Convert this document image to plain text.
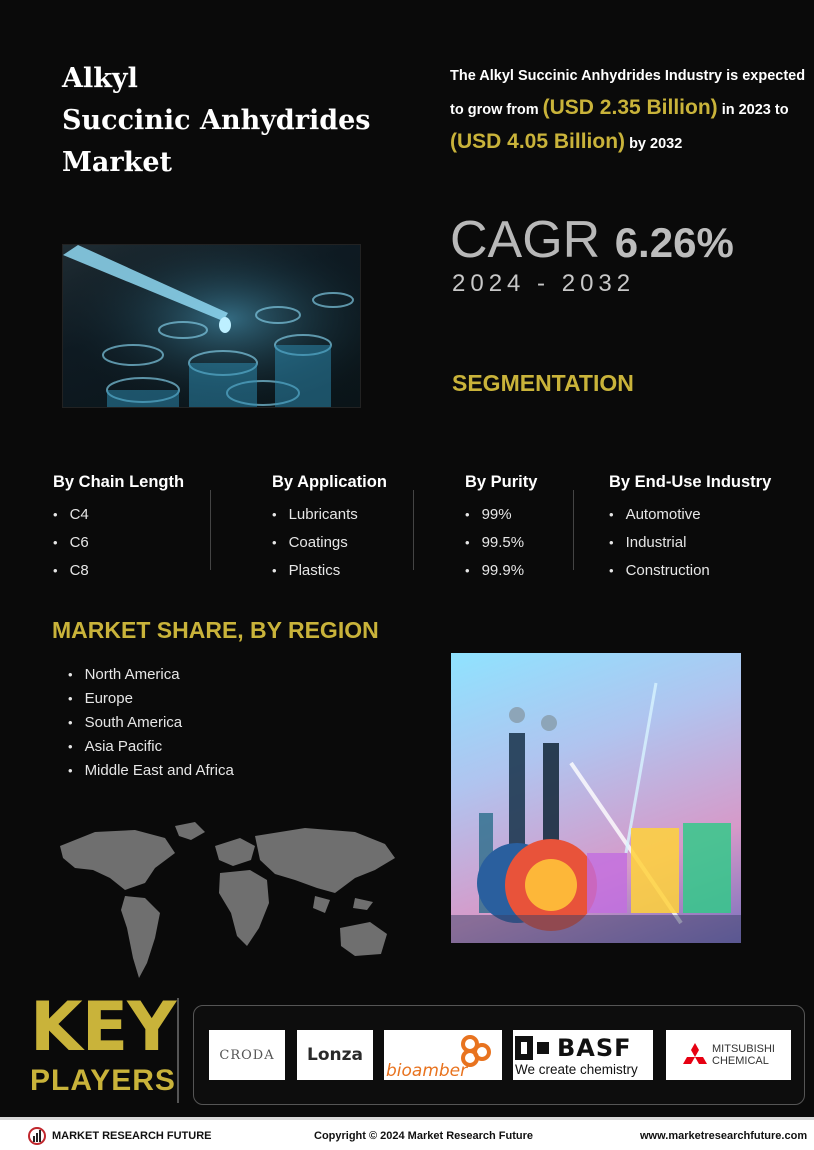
Alkyl
Succinic Anhydrides
Market
The Alkyl Succinic Anhydrides Industry is expected to grow from (USD 2.35 Billion) in 2023 to (USD 4.05 Billion) by 2032
CAGR 6.26%
2024 - 2032
SEGMENTATION
By Chain Length
• C4
• C6
• C8
By Application
• Lubricants
• Coatings
• Plastics
By Purity
• 99%
• 99.5%
• 99.9%
By End-Use Industry
• Automotive
• Industrial
• Construction
MARKET SHARE, BY REGION
• North America
• Europe
• South America
• Asia Pacific
• Middle East and Africa
KEY
PLAYERS
CRODA Lonza
bioamber
BASF
We create chemistry
MITSUBISHI
CHEMICAL
MARKET RESEARCH FUTURE	Copyright © 2024 Market Research Future	www.marketresearchfuture.com
